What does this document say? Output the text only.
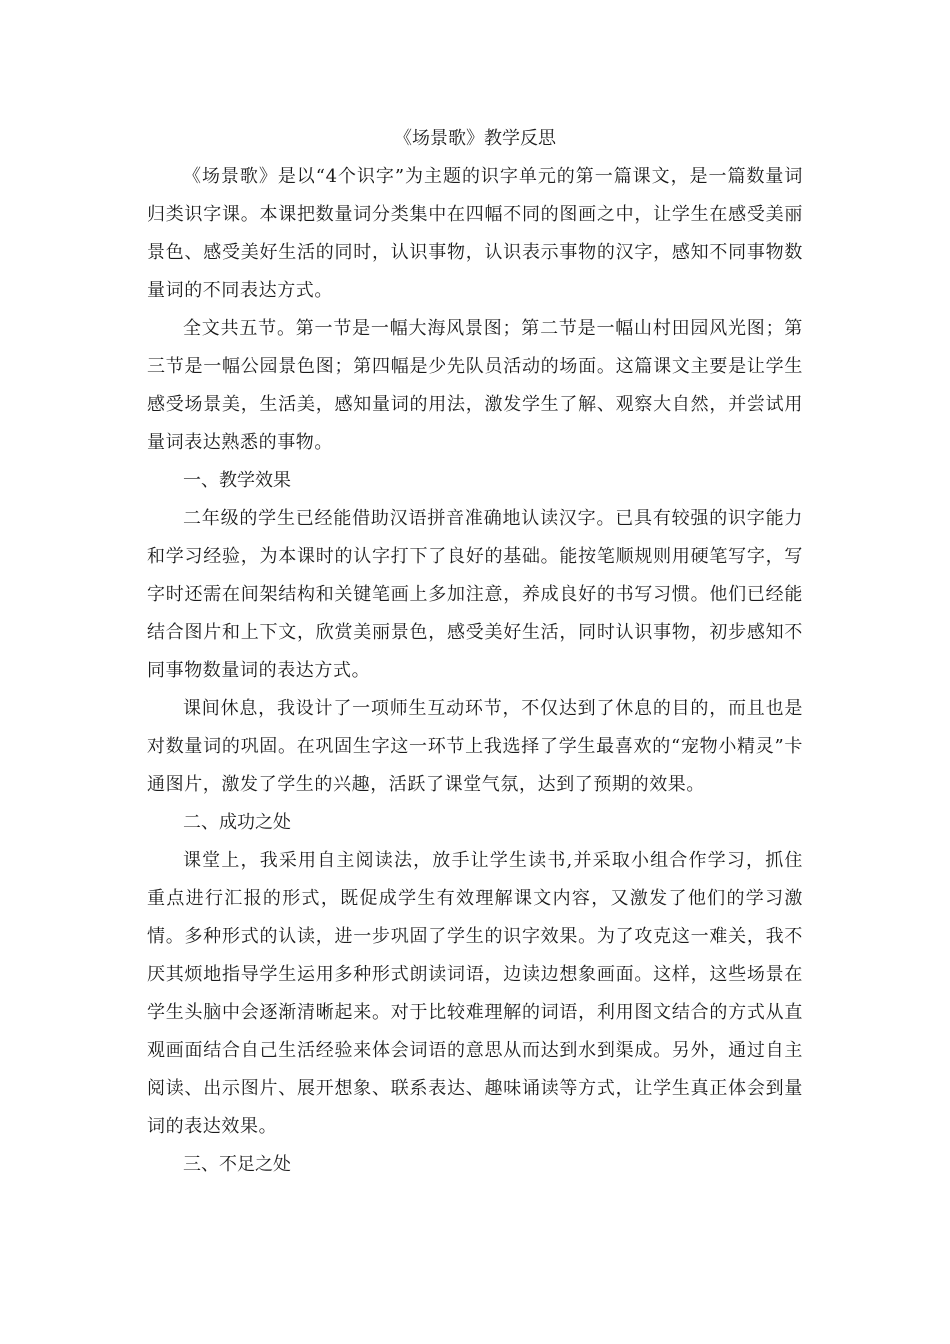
《场景歌》教学反思

《场景歌》是以“4个识字”为主题的识字单元的第一篇课文，是一篇数量词归类识字课。本课把数量词分类集中在四幅不同的图画之中，让学生在感受美丽景色、感受美好生活的同时，认识事物，认识表示事物的汉字，感知不同事物数量词的不同表达方式。

全文共五节。第一节是一幅大海风景图；第二节是一幅山村田园风光图；第三节是一幅公园景色图；第四幅是少先队员活动的场面。这篇课文主要是让学生感受场景美，生活美，感知量词的用法，激发学生了解、观察大自然，并尝试用量词表达熟悉的事物。

一、教学效果

二年级的学生已经能借助汉语拼音准确地认读汉字。已具有较强的识字能力和学习经验，为本课时的认字打下了良好的基础。能按笔顺规则用硬笔写字，写字时还需在间架结构和关键笔画上多加注意，养成良好的书写习惯。他们已经能结合图片和上下文，欣赏美丽景色，感受美好生活，同时认识事物，初步感知不同事物数量词的表达方式。

课间休息，我设计了一项师生互动环节，不仅达到了休息的目的，而且也是对数量词的巩固。在巩固生字这一环节上我选择了学生最喜欢的“宠物小精灵”卡通图片，激发了学生的兴趣，活跃了课堂气氛，达到了预期的效果。

二、成功之处

课堂上，我采用自主阅读法，放手让学生读书,并采取小组合作学习，抓住重点进行汇报的形式，既促成学生有效理解课文内容，又激发了他们的学习激情。多种形式的认读，进一步巩固了学生的识字效果。为了攻克这一难关，我不厌其烦地指导学生运用多种形式朗读词语，边读边想象画面。这样，这些场景在学生头脑中会逐渐清晰起来。对于比较难理解的词语，利用图文结合的方式从直观画面结合自己生活经验来体会词语的意思从而达到水到渠成。另外，通过自主阅读、出示图片、展开想象、联系表达、趣味诵读等方式，让学生真正体会到量词的表达效果。

三、不足之处
